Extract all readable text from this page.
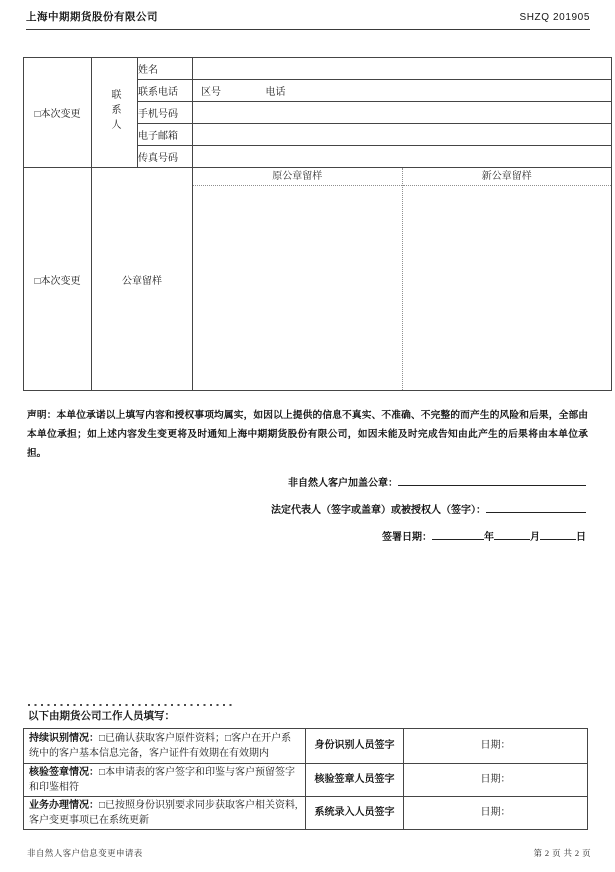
上海中期期货股份有限公司	SHZQ 201905
□本次变更	联系人	姓名	
		联系电话	区号 电话
		手机号码	
		电子邮箱	
		传真号码	
□本次变更	公章留样		原公章留样 新公章留样
声明：本单位承诺以上填写内容和授权事项均属实，如因以上提供的信息不真实、不准确、不完整的而产生的风险和后果，全部由本单位承担；如上述内容发生变更将及时通知上海中期期货股份有限公司，如因未能及时完成告知由此产生的后果将由本单位承担。
非自然人客户加盖公章：
法定代表人（签字或盖章）或被授权人（签字）：
签署日期：	年	月	日
以下由期货公司工作人员填写：
持续识别情况：□已确认获取客户原件资料；□客户在开户系统中的客户基本信息完备，客户证件有效期在有效期内	身份识别人员签字	日期：
核验签章情况：□本申请表的客户签字和印鉴与客户预留签字和印鉴相符	核验签章人员签字	日期：
业务办理情况：□已按照身份识别要求同步获取客户相关资料,客户变更事项已在系统更新	系统录入人员签字	日期：
非自然人客户信息变更申请表	第 2 页 共 2 页
